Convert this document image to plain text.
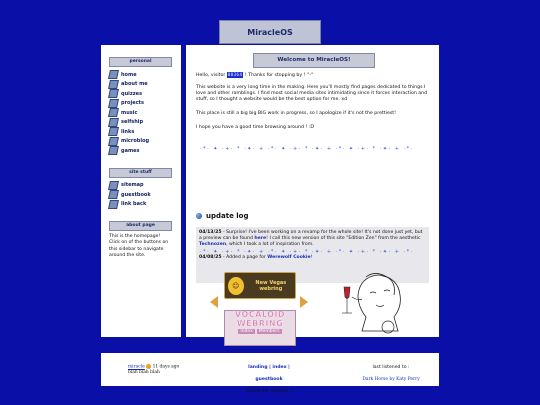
MiracleOS
personal
home
about me
quizzes
projects
music
selfship
links
microblog
games
site stuff
sitemap
guestbook
link back
about page
This is the homepage! Click on of the buttons on this sidebar to navigate around the site.
Welcome to MiracleOS!
Hello, visitor 00364 ! Thanks for stopping by ! °-°
This website is a very long time in the making. Here you'll mostly find pages dedicated to things I love and other ramblings. I find most social media sites intimidating since it forces interaction and stuff, so I thought a website would be the best option for me. xd
This place is still a big big BIG work in progress, so I apologize if it's not the prettiest!
I hope you have a good time browsing around ! :D
·*· ✦ ·+· * ·✦· + ·*· ✦ ·+· * ·✦· + ·*· ✦ ·+· * ·✦· + ·*·
update log
04/13/25 - Surprise! I've been working on a revamp for the whole site! It's not done just yet, but a preview can be found here! I call this new version of this site "Edition Zen" from the aesthetic Technozen, which I took a lot of inspiration from.
04/08/25 - Added a page for Werewolf Cookie!
·*· ✦ ·+· * ·✦· + ·*· ✦ ·+· * ·✦· + ·*· ✦ ·+· * ·✦· + ·*·
☺	New Vegas webring
VOCALOID WEBRING
Index	Members
miracle 11 days ago
blah blah blah
landing | index | guestbook
thanks for visiting :)
last listened to :
Dark Horse by Katy Perry
